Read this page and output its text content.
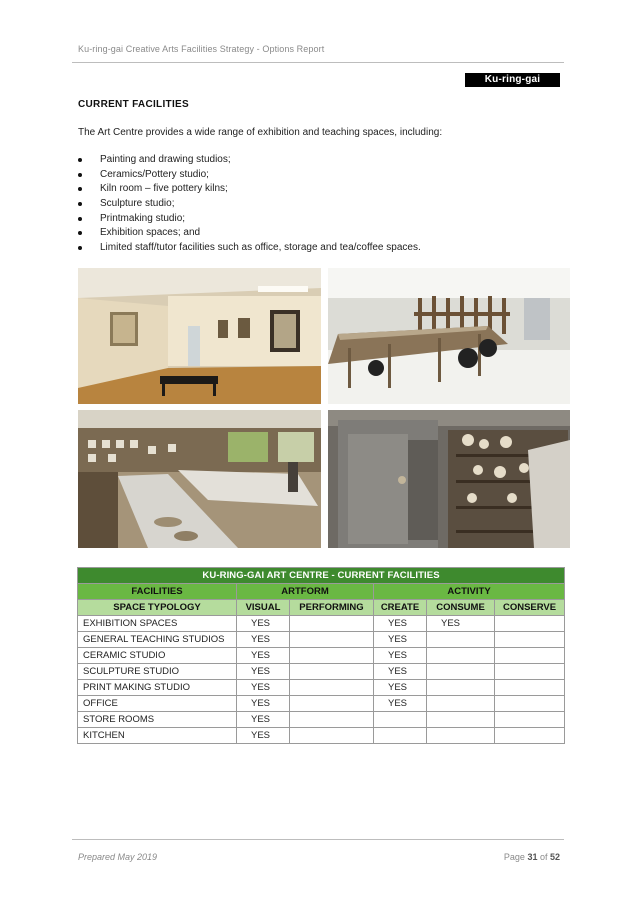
Ku-ring-gai Creative Arts Facilities Strategy - Options Report
Ku-ring-gai Council
CURRENT FACILITIES
The Art Centre provides a wide range of exhibition and teaching spaces, including:
Painting and drawing studios;
Ceramics/Pottery studio;
Kiln room – five pottery kilns;
Sculpture studio;
Printmaking studio;
Exhibition spaces; and
Limited staff/tutor facilities such as office, storage and tea/coffee spaces.
KU-RING-GAI ART CENTRE - CURRENT FACILITIES					
FACILITIES	ARTFORM		ACTIVITY		
SPACE TYPOLOGY	VISUAL	PERFORMING	CREATE	CONSUME	CONSERVE
EXHIBITION SPACES	YES		YES	YES	
GENERAL TEACHING STUDIOS	YES		YES		
CERAMIC STUDIO	YES		YES		
SCULPTURE STUDIO	YES		YES		
PRINT MAKING STUDIO	YES		YES		
OFFICE	YES		YES		
STORE ROOMS	YES				
KITCHEN	YES				
Prepared May 2019	Page 31 of 52
